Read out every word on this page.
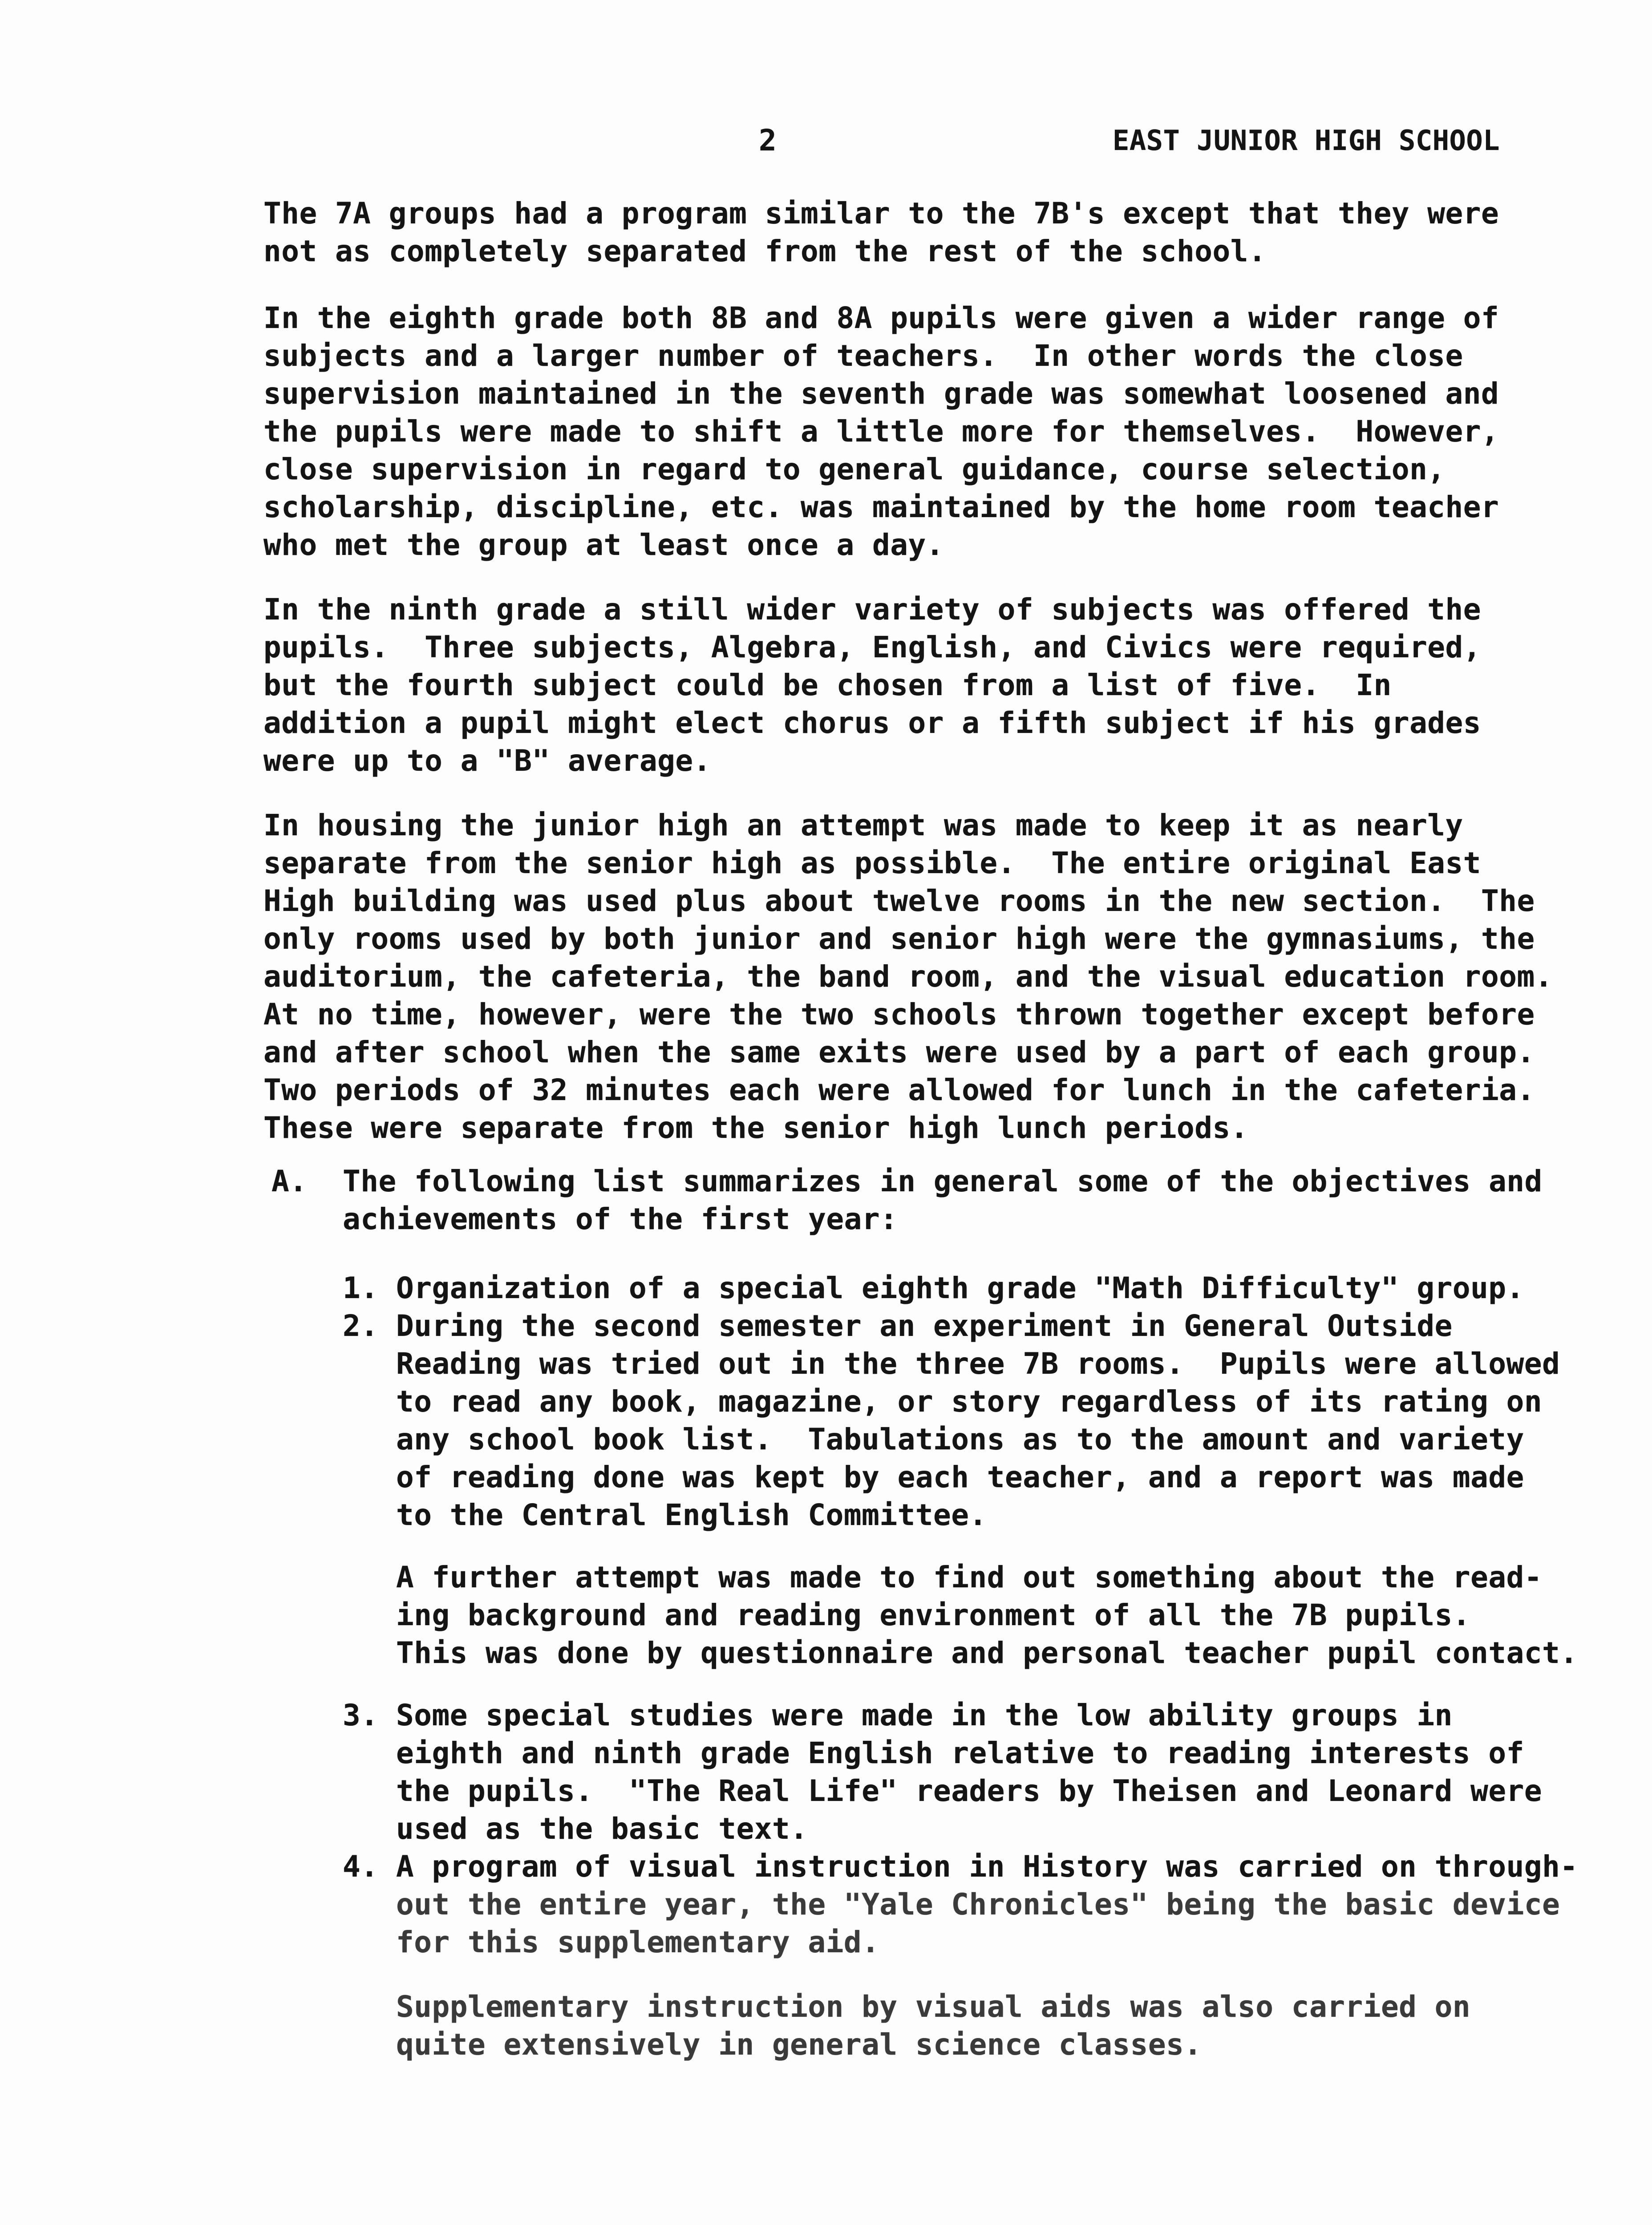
2	EAST JUNIOR HIGH SCHOOL
The 7A groups had a program similar to the 7B's except that they were
not as completely separated from the rest of the school.
In the eighth grade both 8B and 8A pupils were given a wider range of
subjects and a larger number of teachers.  In other words the close
supervision maintained in the seventh grade was somewhat loosened and
the pupils were made to shift a little more for themselves.  However,
close supervision in regard to general guidance, course selection,
scholarship, discipline, etc. was maintained by the home room teacher
who met the group at least once a day.
In the ninth grade a still wider variety of subjects was offered the
pupils.  Three subjects, Algebra, English, and Civics were required,
but the fourth subject could be chosen from a list of five.  In
addition a pupil might elect chorus or a fifth subject if his grades
were up to a "B" average.
In housing the junior high an attempt was made to keep it as nearly
separate from the senior high as possible.  The entire original East
High building was used plus about twelve rooms in the new section.  The
only rooms used by both junior and senior high were the gymnasiums, the
auditorium, the cafeteria, the band room, and the visual education room.
At no time, however, were the two schools thrown together except before
and after school when the same exits were used by a part of each group.
Two periods of 32 minutes each were allowed for lunch in the cafeteria.
These were separate from the senior high lunch periods.
A. The following list summarizes in general some of the objectives and
achievements of the first year:
1. Organization of a special eighth grade "Math Difficulty" group.
2. During the second semester an experiment in General Outside
Reading was tried out in the three 7B rooms.  Pupils were allowed
to read any book, magazine, or story regardless of its rating on
any school book list.  Tabulations as to the amount and variety
of reading done was kept by each teacher, and a report was made
to the Central English Committee.
A further attempt was made to find out something about the read-
ing background and reading environment of all the 7B pupils.
This was done by questionnaire and personal teacher pupil contact.
3. Some special studies were made in the low ability groups in
eighth and ninth grade English relative to reading interests of
the pupils.  "The Real Life" readers by Theisen and Leonard were
used as the basic text.
4. A program of visual instruction in History was carried on through-
out the entire year, the "Yale Chronicles" being the basic device
for this supplementary aid.
Supplementary instruction by visual aids was also carried on
quite extensively in general science classes.
